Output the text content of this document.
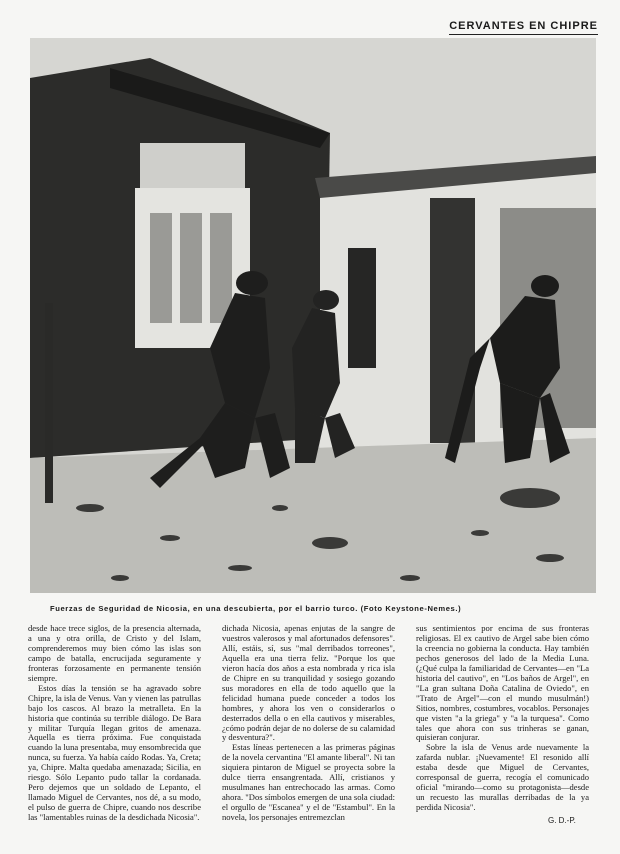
CERVANTES EN CHIPRE
Fuerzas de Seguridad de Nicosia, en una descubierta, por el barrio turco. (Foto Keystone-Nemes.)

desde hace trece siglos, de la presencia alternada, a una y otra orilla, de Cristo y del Islam, comprenderemos muy bien cómo las islas son campo de batalla, encrucijada seguramente y fronteras forzosamente en permanente tensión siempre.

Estos días la tensión se ha agravado sobre Chipre, la isla de Venus. Van y vienen las patrullas bajo los cascos. Al brazo la metralleta. En la historia que continúa su terrible diálogo. De Bara y militar Turquía llegan gritos de amenaza. Aquella es tierra próxima. Fue conquistada cuando la luna presentaba, muy ensombrecida que nunca, su fuerza. Ya había caído Rodas. Ya, Creta; ya, Chipre. Malta quedaba amenazada; Sicilia, en riesgo. Sólo Lepanto pudo tallar la cordanada. Pero dejemos que un soldado de Lepanto, el llamado Miguel de Cervantes, nos dé, a su modo, el pulso de guerra de Chipre, cuando nos describe las "lamentables ruinas de la desdichada Nicosia".

dichada Nicosia, apenas enjutas de la sangre de vuestros valerosos y mal afortunados defensores". Allí, estáis, sí, sus "mal derribados torreones", Aquella era una tierra feliz. "Porque los que vieron hacía dos años a esta nombrada y rica isla de Chipre en su tranquilidad y sosiego gozando sus moradores en ella de todo aquello que la felicidad humana puede conceder a todos los hombres, y ahora los ven o considerarlos o desterrados della o en ella cautivos y miserables, ¿cómo podrán dejar de no dolerse de su calamidad y desventura?".

Estas líneas pertenecen a las primeras páginas de la novela cervantina "El amante liberal". Ni tan siquiera pintaron de Miguel se proyecta sobre la dulce tierra ensangrentada. Allí, cristianos y musulmanes han entrechocado las armas. Como ahora. "Dos símbolos emergen de una sola ciudad: el orgullo de "Escanea" y el de "Estambul". En la novela, los personajes entremezclan

sus sentimientos por encima de sus fronteras religiosas. El ex cautivo de Argel sabe bien cómo la creencia no gobierna la conducta. Hay también pechos generosos del lado de la Media Luna. (¿Qué culpa la familiaridad de Cervantes—en "La historia del cautivo", en "Los baños de Argel", en "La gran sultana Doña Catalina de Oviedo", en "Trato de Argel"—con el mundo musulmán!) Sitios, nombres, costumbres, vocablos. Personajes que visten "a la griega" y "a la turquesa". Como tales que ahora con sus trinheras se ganan, quisieran conjurar.

Sobre la isla de Venus arde nuevamente la zafarda nublar. ¡Nuevamente! El resonido allí estaba desde que Miguel de Cervantes, corresponsal de guerra, recogía el comunicado oficial "mirando—como su protagonista—desde un recuesto las murallas derribadas de la ya perdida Nicosia".

G. D.-P.
